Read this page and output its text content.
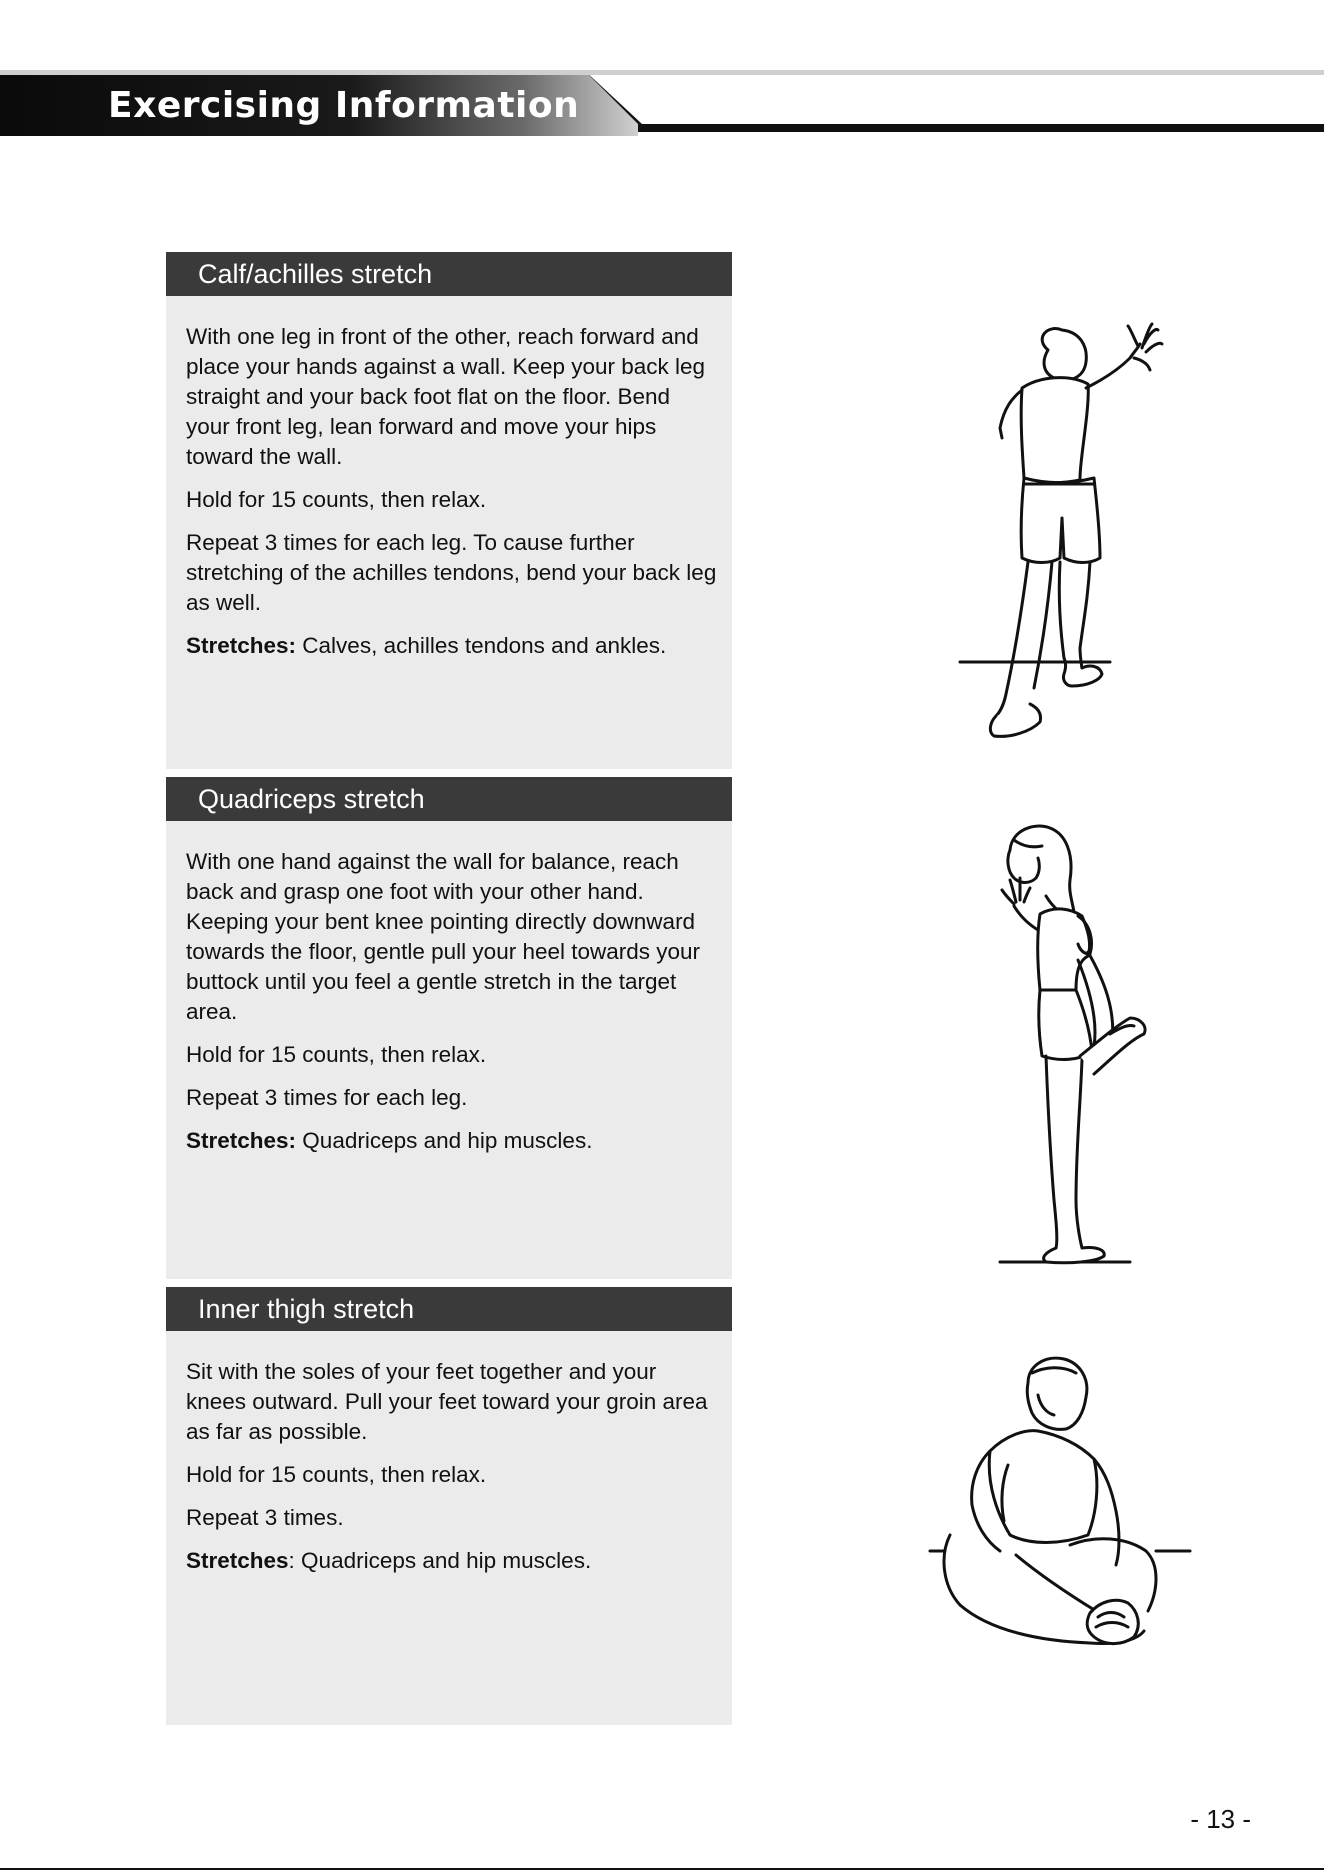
Exercising Information
Calf/achilles stretch

With one leg in front of the other, reach forward and place your hands against a wall. Keep your back leg straight and your back foot flat on the floor. Bend your front leg, lean forward and move your hips toward the wall.

Hold for 15 counts, then relax.

Repeat 3 times for each leg. To cause further stretching of the achilles tendons, bend your back leg as well.

Stretches: Calves, achilles tendons and ankles.

Quadriceps stretch

With one hand against the wall for balance, reach back and grasp one foot with your other hand. Keeping your bent knee pointing directly downward towards the floor, gentle pull your heel towards your buttock until you feel a gentle stretch in the target area.

Hold for 15 counts, then relax.

Repeat 3 times for each leg.

Stretches: Quadriceps and hip muscles.

Inner thigh stretch

Sit with the soles of your feet together and your knees outward. Pull your feet toward your groin area as far as possible.

Hold for 15 counts, then relax.

Repeat 3 times.

Stretches: Quadriceps and hip muscles.

- 13 -
